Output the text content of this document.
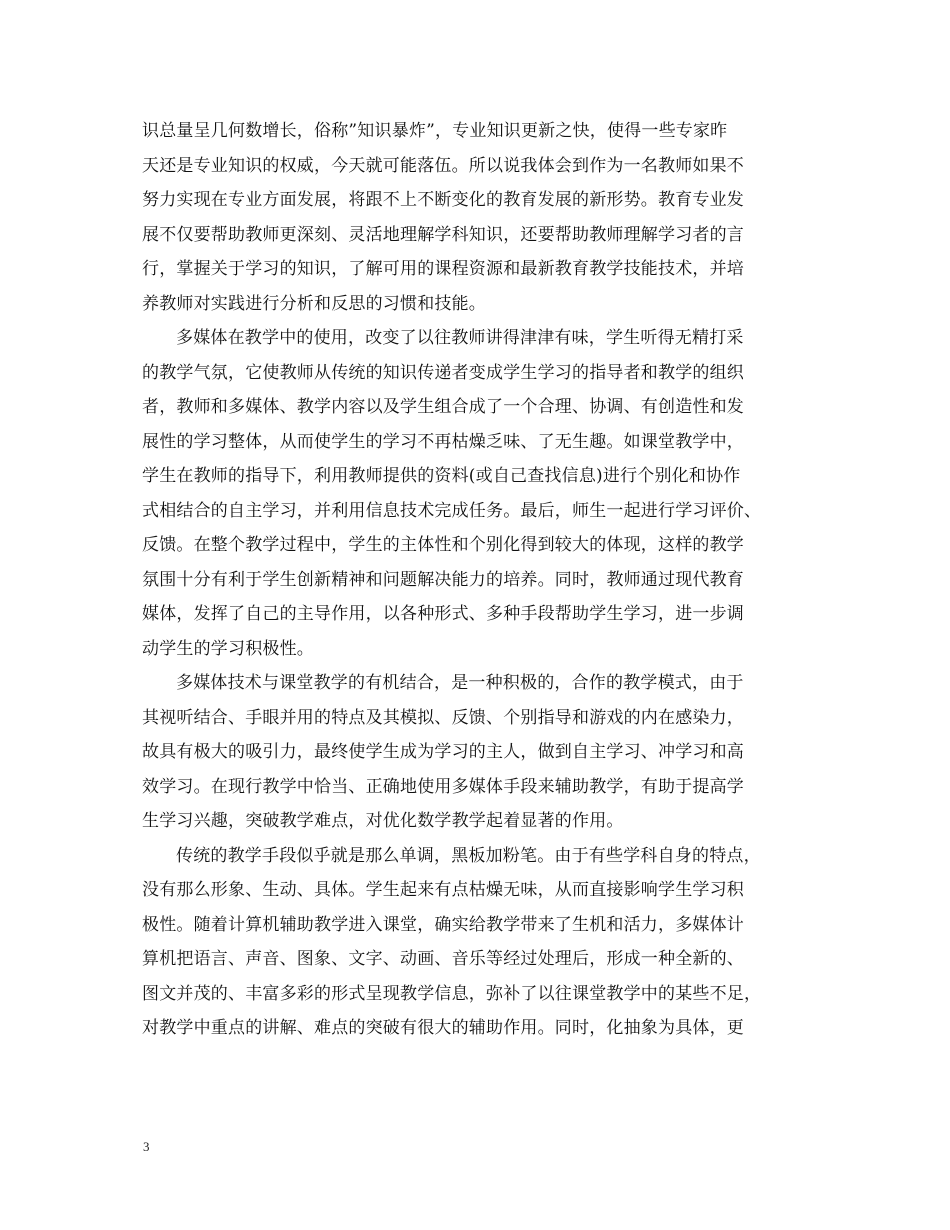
识总量呈几何数增长，俗称”知识暴炸”，专业知识更新之快，使得一些专家昨
天还是专业知识的权威，今天就可能落伍。所以说我体会到作为一名教师如果不
努力实现在专业方面发展，将跟不上不断变化的教育发展的新形势。教育专业发
展不仅要帮助教师更深刻、灵活地理解学科知识，还要帮助教师理解学习者的言
行，掌握关于学习的知识，了解可用的课程资源和最新教育教学技能技术，并培
养教师对实践进行分析和反思的习惯和技能。
多媒体在教学中的使用，改变了以往教师讲得津津有味，学生听得无精打采
的教学气氛，它使教师从传统的知识传递者变成学生学习的指导者和教学的组织
者，教师和多媒体、教学内容以及学生组合成了一个合理、协调、有创造性和发
展性的学习整体，从而使学生的学习不再枯燥乏味、了无生趣。如课堂教学中，
学生在教师的指导下，利用教师提供的资料(或自己查找信息)进行个别化和协作
式相结合的自主学习，并利用信息技术完成任务。最后，师生一起进行学习评价、
反馈。在整个教学过程中，学生的主体性和个别化得到较大的体现，这样的教学
氛围十分有利于学生创新精神和问题解决能力的培养。同时，教师通过现代教育
媒体，发挥了自己的主导作用，以各种形式、多种手段帮助学生学习，进一步调
动学生的学习积极性。
多媒体技术与课堂教学的有机结合，是一种积极的，合作的教学模式，由于
其视听结合、手眼并用的特点及其模拟、反馈、个别指导和游戏的内在感染力，
故具有极大的吸引力，最终使学生成为学习的主人，做到自主学习、冲学习和高
效学习。在现行教学中恰当、正确地使用多媒体手段来辅助教学，有助于提高学
生学习兴趣，突破教学难点，对优化数学教学起着显著的作用。
传统的教学手段似乎就是那么单调，黑板加粉笔。由于有些学科自身的特点，
没有那么形象、生动、具体。学生起来有点枯燥无味，从而直接影响学生学习积
极性。随着计算机辅助教学进入课堂，确实给教学带来了生机和活力，多媒体计
算机把语言、声音、图象、文字、动画、音乐等经过处理后，形成一种全新的、
图文并茂的、丰富多彩的形式呈现教学信息，弥补了以往课堂教学中的某些不足，
对教学中重点的讲解、难点的突破有很大的辅助作用。同时，化抽象为具体，更
3
